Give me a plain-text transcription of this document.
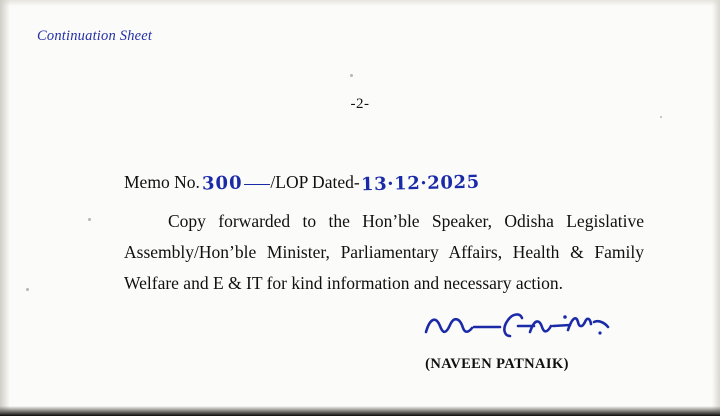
Continuation Sheet
-2-
Memo No. 300 /LOP Dated- 13·12·2025

Copy forwarded to the Hon’ble Speaker, Odisha Legislative Assembly/Hon’ble Minister, Parliamentary Affairs, Health & Family Welfare and E & IT for kind information and necessary action.

(NAVEEN PATNAIK)
